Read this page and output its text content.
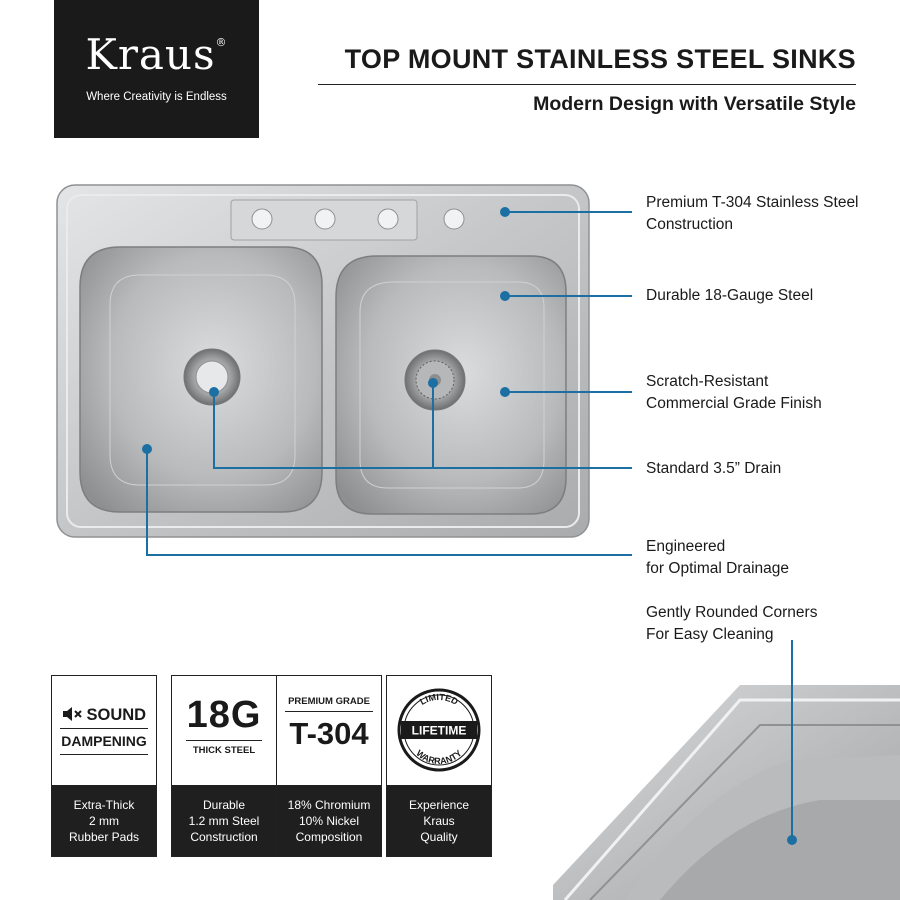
Kraus®
Where Creativity is Endless
TOP MOUNT STAINLESS STEEL SINKS
Modern Design with Versatile Style
Premium T-304 Stainless Steel
Construction
Durable 18-Gauge Steel
Scratch-Resistant
Commercial Grade Finish
Standard 3.5” Drain
Engineered
for Optimal Drainage
Gently Rounded Corners
For Easy Cleaning
SOUND
DAMPENING
Extra-Thick
2 mm
Rubber Pads
18G
THICK STEEL
Durable
1.2 mm Steel
Construction
PREMIUM GRADE
T-304
18% Chromium
10% Nickel
Composition
LIMITED
LIFETIME
WARRANTY
Experience
Kraus
Quality
